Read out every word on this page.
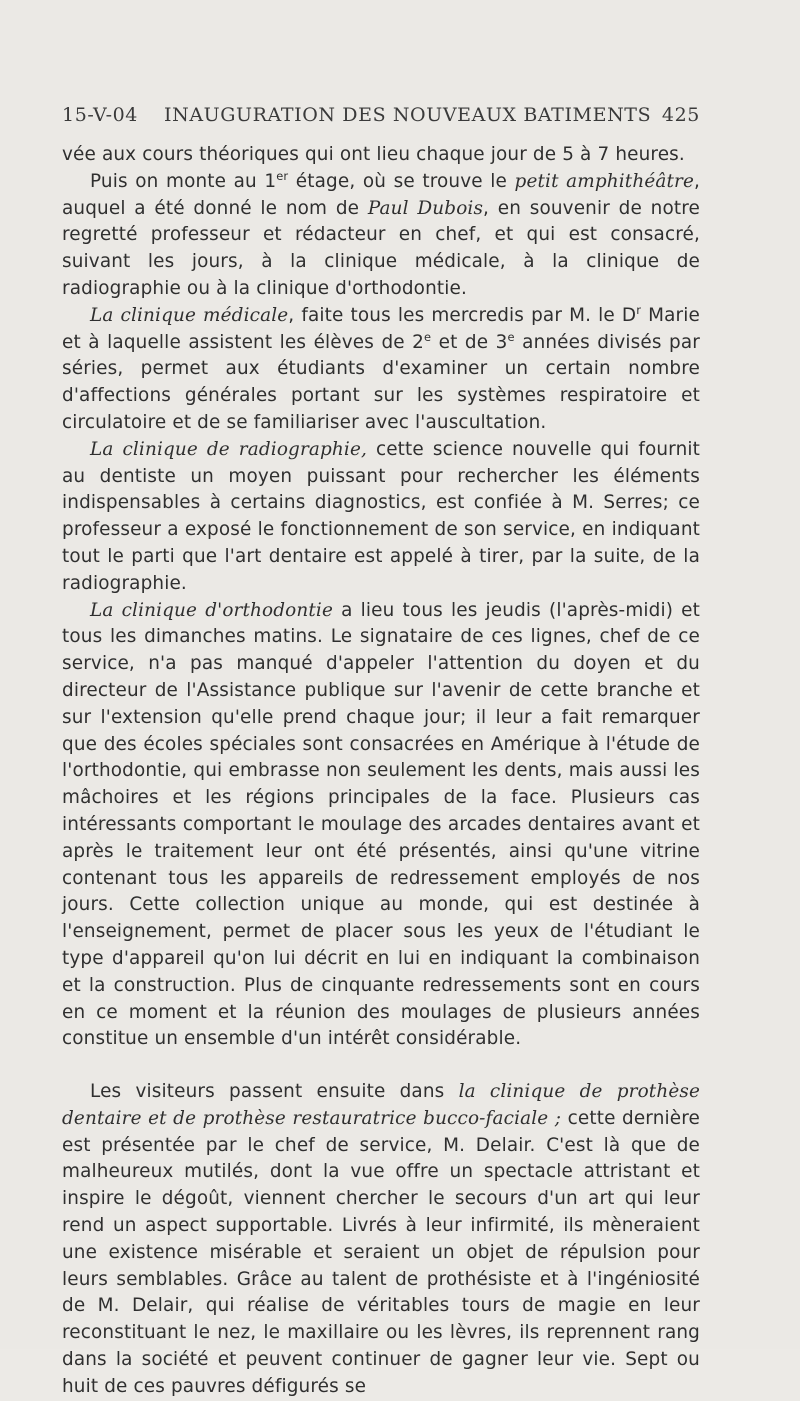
15-V-04 INAUGURATION DES NOUVEAUX BATIMENTS 425

vée aux cours théoriques qui ont lieu chaque jour de 5 à 7 heures.

Puis on monte au 1er étage, où se trouve le petit amphithéâtre, auquel a été donné le nom de Paul Dubois, en souvenir de notre regretté professeur et rédacteur en chef, et qui est consacré, suivant les jours, à la clinique médicale, à la clinique de radiographie ou à la clinique d'orthodontie.

La clinique médicale, faite tous les mercredis par M. le $D^r$ Marie et à laquelle assistent les élèves de 2e et de 3e années divisés par séries, permet aux étudiants d'examiner un certain nombre d'affections générales portant sur les systèmes respiratoire et circulatoire et de se familiariser avec l'auscultation.

La clinique de radiographie, cette science nouvelle qui fournit au dentiste un moyen puissant pour rechercher les éléments indispensables à certains diagnostics, est confiée à M. Serres; ce professeur a exposé le fonctionnement de son service, en indiquant tout le parti que l'art dentaire est appelé à tirer, par la suite, de la radiographie.

La clinique d'orthodontie a lieu tous les jeudis (l'après-midi) et tous les dimanches matins. Le signataire de ces lignes, chef de ce service, n'a pas manqué d'appeler l'attention du doyen et du directeur de l'Assistance publique sur l'avenir de cette branche et sur l'extension qu'elle prend chaque jour; il leur a fait remarquer que des écoles spéciales sont consacrées en Amérique à l'étude de l'orthodontie, qui embrasse non seulement les dents, mais aussi les mâchoires et les régions principales de la face. Plusieurs cas intéressants comportant le moulage des arcades dentaires avant et après le traitement leur ont été présentés, ainsi qu'une vitrine contenant tous les appareils de redressement employés de nos jours. Cette collection unique au monde, qui est destinée à l'enseignement, permet de placer sous les yeux de l'étudiant le type d'appareil qu'on lui décrit en lui en indiquant la combinaison et la construction. Plus de cinquante redressements sont en cours en ce moment et la réunion des moulages de plusieurs années constitue un ensemble d'un intérêt considérable.

Les visiteurs passent ensuite dans la clinique de prothèse dentaire et de prothèse restauratrice bucco-faciale ; cette dernière est présentée par le chef de service, M. Delair. C'est là que de malheureux mutilés, dont la vue offre un spectacle attristant et inspire le dégoût, viennent chercher le secours d'un art qui leur rend un aspect supportable. Livrés à leur infirmité, ils mèneraient une existence misérable et seraient un objet de répulsion pour leurs semblables. Grâce au talent de prothésiste et à l'ingéniosité de M. Delair, qui réalise de véritables tours de magie en leur reconstituant le nez, le maxillaire ou les lèvres, ils reprennent rang dans la société et peuvent continuer de gagner leur vie. Sept ou huit de ces pauvres défigurés se
